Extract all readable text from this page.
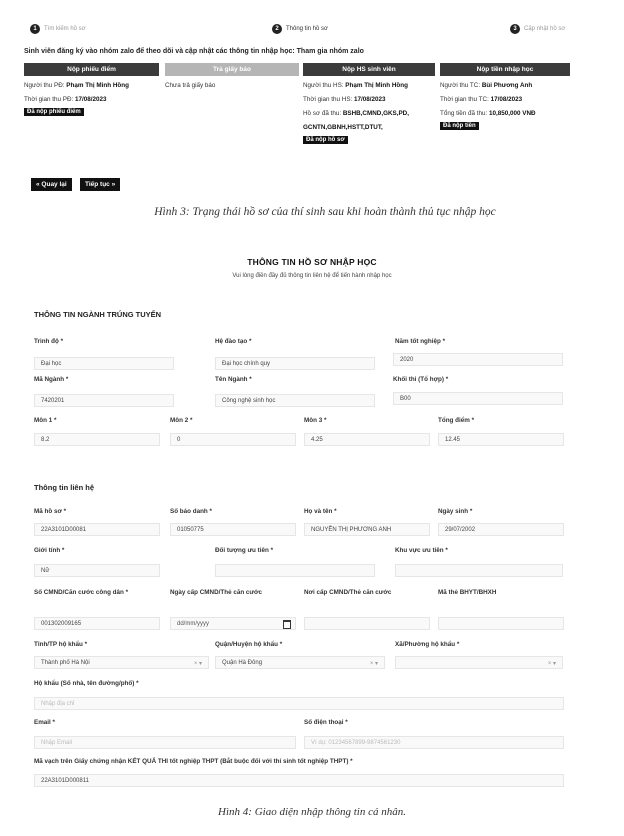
1	Tìm kiếm hồ sơ	2	Thông tin hồ sơ	3	Cập nhật hồ sơ
Sinh viên đăng ký vào nhóm zalo để theo dõi và cập nhật các thông tin nhập học: Tham gia nhóm zalo
Nộp phiếu điểm
Người thu PĐ: Phạm Thị Minh Hồng
Thời gian thu PĐ: 17/08/2023
Đã nộp phiếu điểm
Trả giấy báo
Chưa trả giấy báo
Nộp HS sinh viên
Người thu HS: Phạm Thị Minh Hồng
Thời gian thu HS: 17/08/2023
Hồ sơ đã thu: BSHB,CMND,GKS,PD,
GCNTN,GBNH,HSTT,DTUT,
Đã nộp hồ sơ
Nộp tiền nhập học
Người thu TC: Bùi Phương Anh
Thời gian thu TC: 17/08/2023
Tổng tiền đã thu: 10,850,000 VNĐ
Đã nộp tiền
« Quay lại	Tiếp tục »
Hình 3: Trạng thái hồ sơ của thí sinh sau khi hoàn thành thủ tục nhập học
THÔNG TIN HỒ SƠ NHẬP HỌC
Vui lòng điền đầy đủ thông tin liên hệ để tiến hành nhập học
THÔNG TIN NGÀNH TRÚNG TUYỂN
Trình độ *
Đại học
Hệ đào tạo *
Đại học chính quy
Năm tốt nghiệp *
2020
Mã Ngành *
7420201
Tên Ngành *
Công nghệ sinh học
Khối thi (Tổ hợp) *
B00
Môn 1 *
8.2
Môn 2 *
0
Môn 3 *
4.25
Tổng điểm *
12.45
Thông tin liên hệ
Mã hồ sơ *
22A3101D00081
Số báo danh *
01050775
Họ và tên *
NGUYỄN THỊ PHƯƠNG ANH
Ngày sinh *
29/07/2002
Giới tính *
Nữ
Đối tượng ưu tiên *	Khu vực ưu tiên *
Số CMND/Căn cước công dân *
001302009165
Ngày cấp CMND/Thẻ căn cước
dd/mm/yyyy
Nơi cấp CMND/Thẻ căn cước	Mã thẻ BHYT/BHXH
Tỉnh/TP hộ khẩu *
Thành phố Hà Nội	× ▾
Quận/Huyện hộ khẩu *
Quận Hà Đông	× ▾
Xã/Phường hộ khẩu *
× ▾
Hộ khẩu (Số nhà, tên đường/phố) *
Nhập địa chỉ
Email *
Nhập Email
Số điện thoại *
Ví dụ: 01234567899-9874561230
Mã vạch trên Giấy chứng nhận KẾT QUẢ THI tốt nghiệp THPT (Bắt buộc đối với thí sinh tốt nghiệp THPT) *
22A3101D000811
Hình 4: Giao diện nhập thông tin cá nhân.
